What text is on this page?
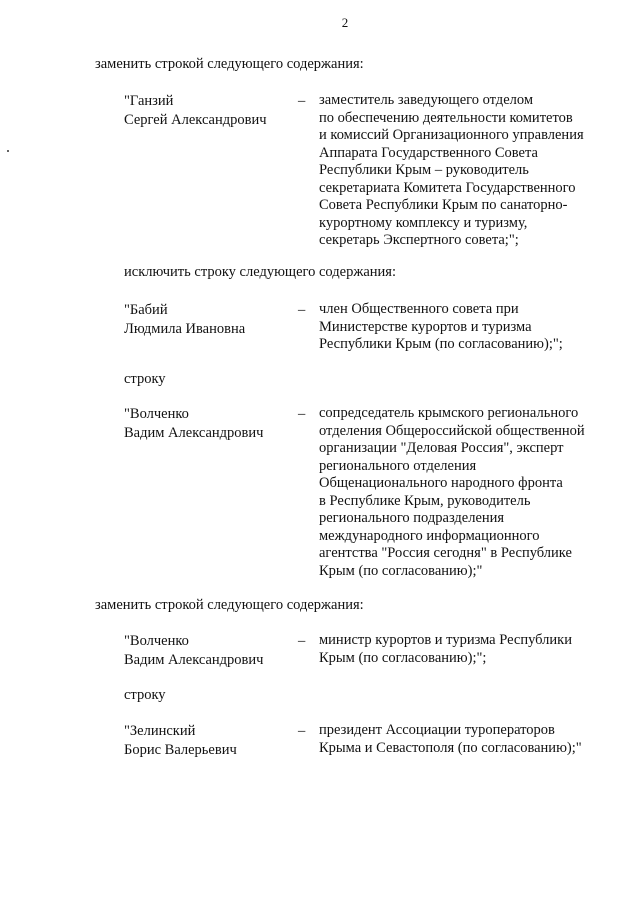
2
заменить строкой следующего содержания:
"Ганзий
Сергей Александрович
– заместитель заведующего отделом
по обеспечению деятельности комитетов
и комиссий Организационного управления
Аппарата Государственного Совета
Республики Крым – руководитель
секретариата Комитета Государственного
Совета Республики Крым по санаторно-
курортному комплексу и туризму,
секретарь Экспертного совета;";
исключить строку следующего содержания:
"Бабий
Людмила Ивановна
– член Общественного совета при
Министерстве курортов и туризма
Республики Крым (по согласованию);";
строку
"Волченко
Вадим Александрович
– сопредседатель крымского регионального
отделения Общероссийской общественной
организации "Деловая Россия", эксперт
регионального отделения
Общенационального народного фронта
в Республике Крым, руководитель
регионального подразделения
международного информационного
агентства "Россия сегодня" в Республике
Крым (по согласованию);"
заменить строкой следующего содержания:
"Волченко
Вадим Александрович
– министр курортов и туризма Республики
Крым (по согласованию);";
строку
"Зелинский
Борис Валерьевич
– президент Ассоциации туроператоров
Крыма и Севастополя (по согласованию);"
